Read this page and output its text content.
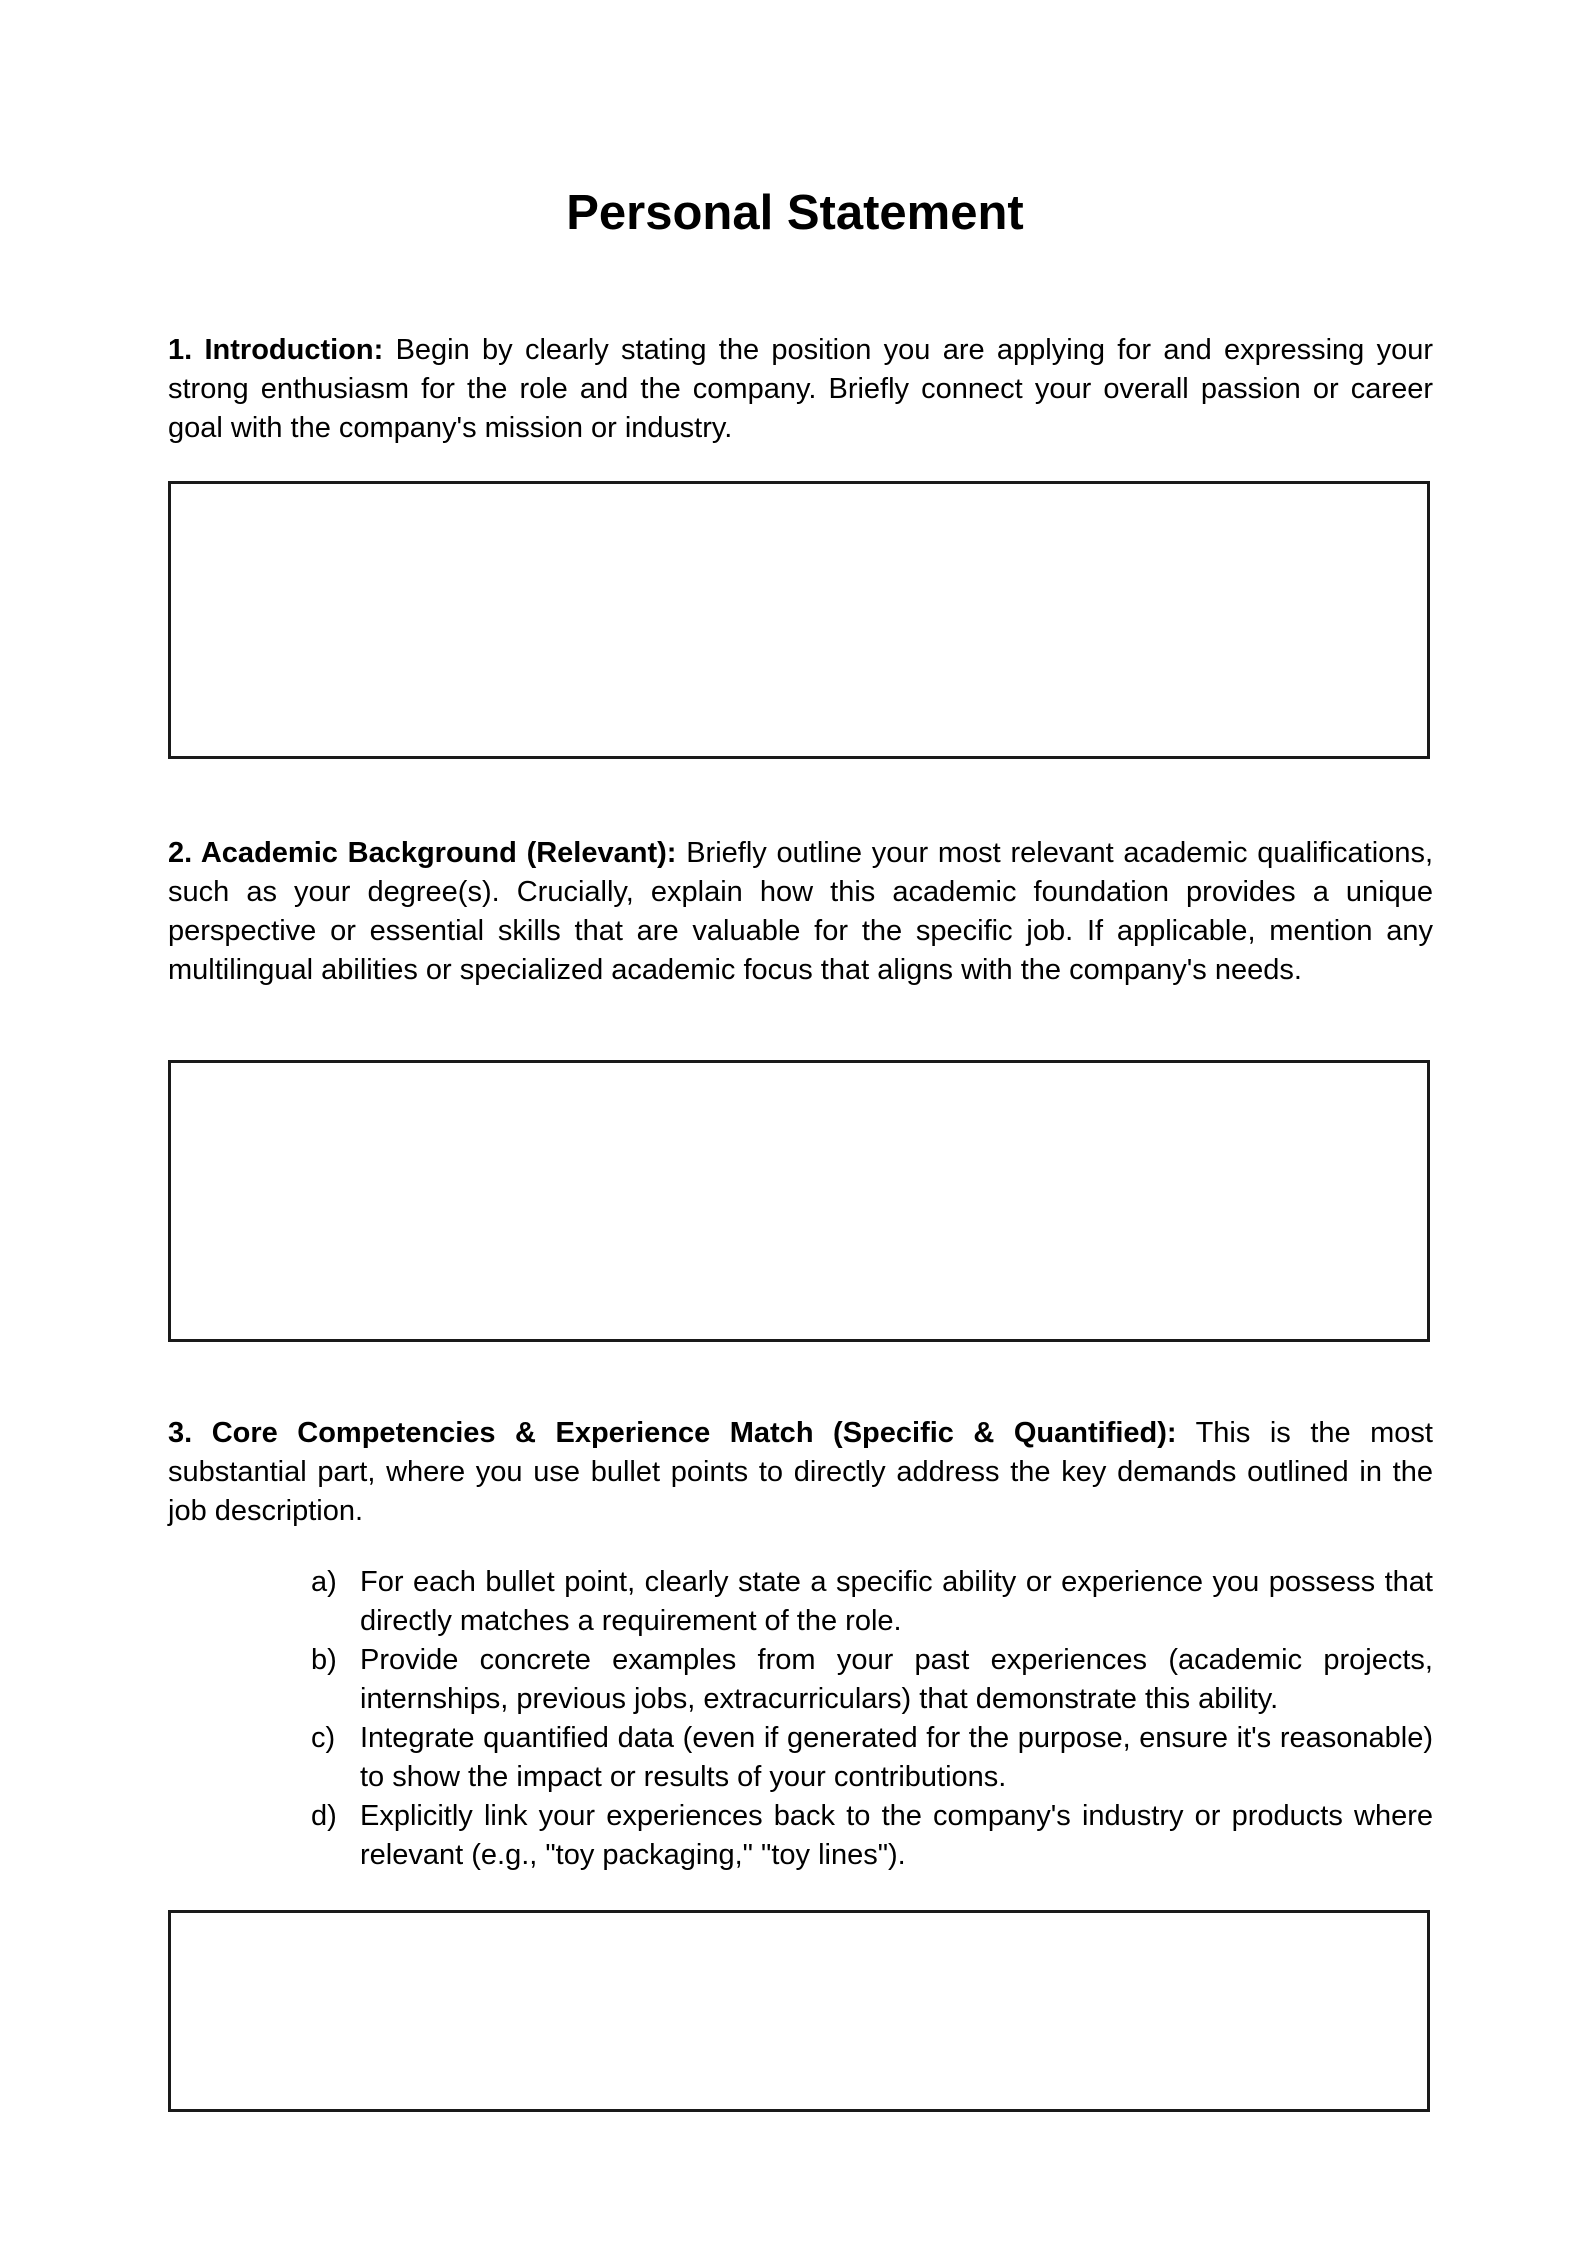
Personal Statement

1. Introduction: Begin by clearly stating the position you are applying for and expressing your strong enthusiasm for the role and the company. Briefly connect your overall passion or career goal with the company's mission or industry.

2. Academic Background (Relevant): Briefly outline your most relevant academic qualifications, such as your degree(s). Crucially, explain how this academic foundation provides a unique perspective or essential skills that are valuable for the specific job. If applicable, mention any multilingual abilities or specialized academic focus that aligns with the company's needs.

3. Core Competencies & Experience Match (Specific & Quantified): This is the most substantial part, where you use bullet points to directly address the key demands outlined in the job description.

a) For each bullet point, clearly state a specific ability or experience you possess that directly matches a requirement of the role.
b) Provide concrete examples from your past experiences (academic projects, internships, previous jobs, extracurriculars) that demonstrate this ability.
c) Integrate quantified data (even if generated for the purpose, ensure it's reasonable) to show the impact or results of your contributions.
d) Explicitly link your experiences back to the company's industry or products where relevant (e.g., "toy packaging," "toy lines").
